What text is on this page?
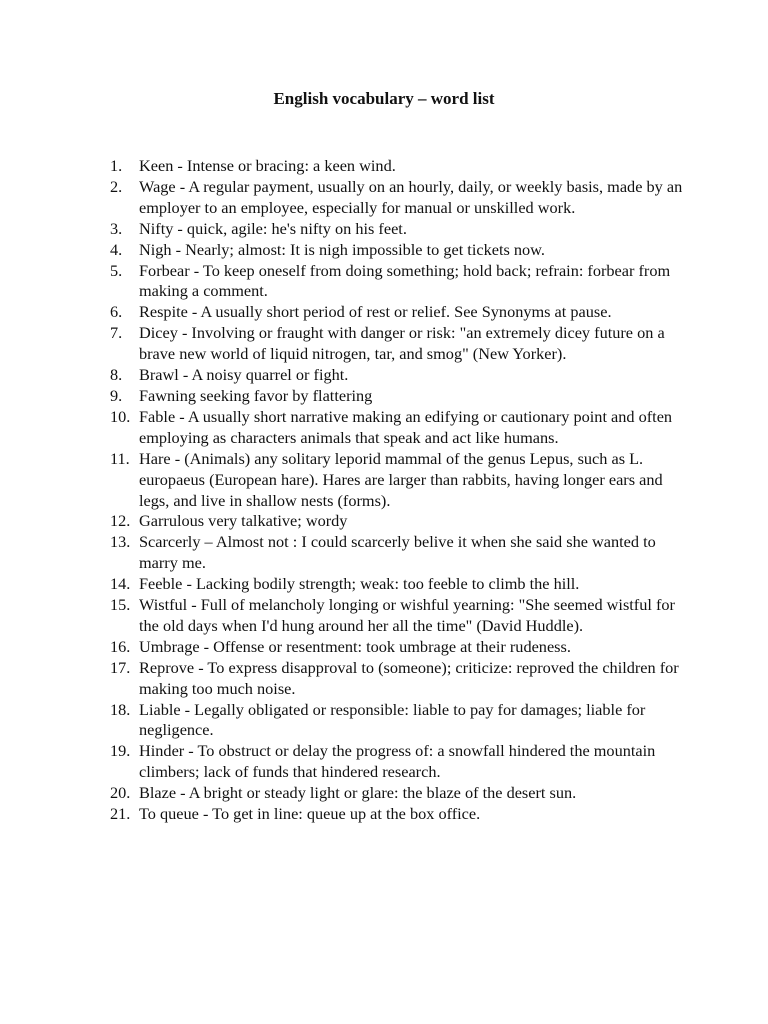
English vocabulary – word list
1.	Keen - Intense or bracing: a keen wind.
2.	Wage - A regular payment, usually on an hourly, daily, or weekly basis, made by an employer to an employee, especially for manual or unskilled work.
3.	Nifty - quick, agile: he's nifty on his feet.
4.	Nigh - Nearly; almost: It is nigh impossible to get tickets now.
5.	Forbear - To keep oneself from doing something; hold back; refrain: forbear from making a comment.
6.	Respite - A usually short period of rest or relief. See Synonyms at pause.
7.	Dicey - Involving or fraught with danger or risk: "an extremely dicey future on a brave new world of liquid nitrogen, tar, and smog" (New Yorker).
8.	Brawl - A noisy quarrel or fight.
9.	Fawning seeking favor by flattering
10. Fable - A usually short narrative making an edifying or cautionary point and often employing as characters animals that speak and act like humans.
11. Hare - (Animals) any solitary leporid mammal of the genus Lepus, such as L. europaeus (European hare). Hares are larger than rabbits, having longer ears and legs, and live in shallow nests (forms).
12. Garrulous very talkative; wordy
13. Scarcerly – Almost not : I could scarcerly belive it when she said she wanted to marry me.
14. Feeble - Lacking bodily strength; weak: too feeble to climb the hill.
15. Wistful - Full of melancholy longing or wishful yearning: "She seemed wistful for the old days when I'd hung around her all the time" (David Huddle).
16. Umbrage - Offense or resentment: took umbrage at their rudeness.
17. Reprove - To express disapproval to (someone); criticize: reproved the children for making too much noise.
18. Liable - Legally obligated or responsible: liable to pay for damages; liable for negligence.
19. Hinder - To obstruct or delay the progress of: a snowfall hindered the mountain climbers; lack of funds that hindered research.
20. Blaze - A bright or steady light or glare: the blaze of the desert sun.
21. To queue - To get in line: queue up at the box office.
